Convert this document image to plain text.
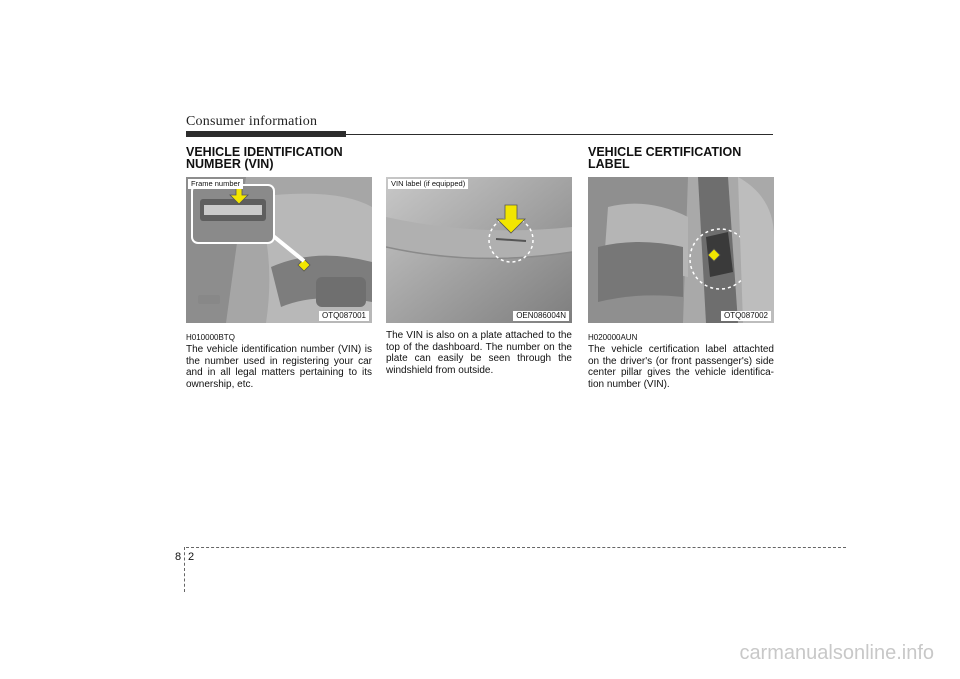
Consumer information
VEHICLE IDENTIFICATION NUMBER (VIN)
Frame number
OTQ087001
H010000BTQ
The vehicle identification number (VIN) is the number used in registering your car and in all legal matters pertaining to its ownership, etc.
VIN label (if equipped)
OEN086004N
The VIN is also on a plate attached to the top of the dashboard. The number on the plate can easily be seen through the windshield from outside.
VEHICLE CERTIFICATION LABEL
OTQ087002
H020000AUN
The vehicle certification label attachted on the driver's (or front passenger's) side center pillar gives the vehicle identifica-tion number (VIN).
8 2
carmanualsonline.info
